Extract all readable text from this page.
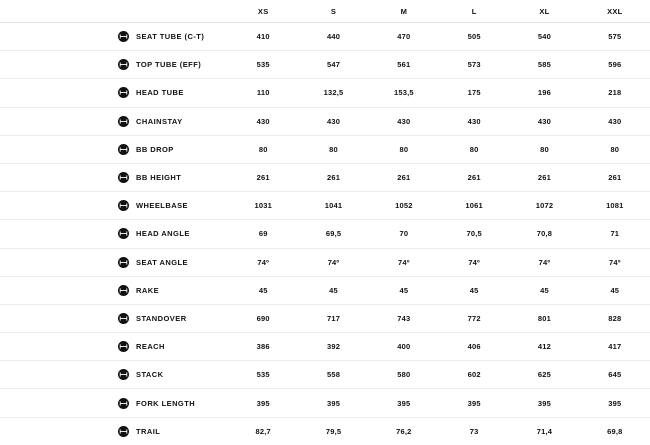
	XS	S	M	L	XL	XXL

SEAT TUBE (C-T)	410	440	470	505	540	575

TOP TUBE (EFF)	535	547	561	573	585	596

HEAD TUBE	110	132,5	153,5	175	196	218

CHAINSTAY	430	430	430	430	430	430

BB DROP	80	80	80	80	80	80

BB HEIGHT	261	261	261	261	261	261

WHEELBASE	1031	1041	1052	1061	1072	1081

HEAD ANGLE	69	69,5	70	70,5	70,8	71

SEAT ANGLE	74º	74º	74º	74º	74º	74º

RAKE	45	45	45	45	45	45

STANDOVER	690	717	743	772	801	828

REACH	386	392	400	406	412	417

STACK	535	558	580	602	625	645

FORK LENGTH	395	395	395	395	395	395

TRAIL	82,7	79,5	76,2	73	71,4	69,8
